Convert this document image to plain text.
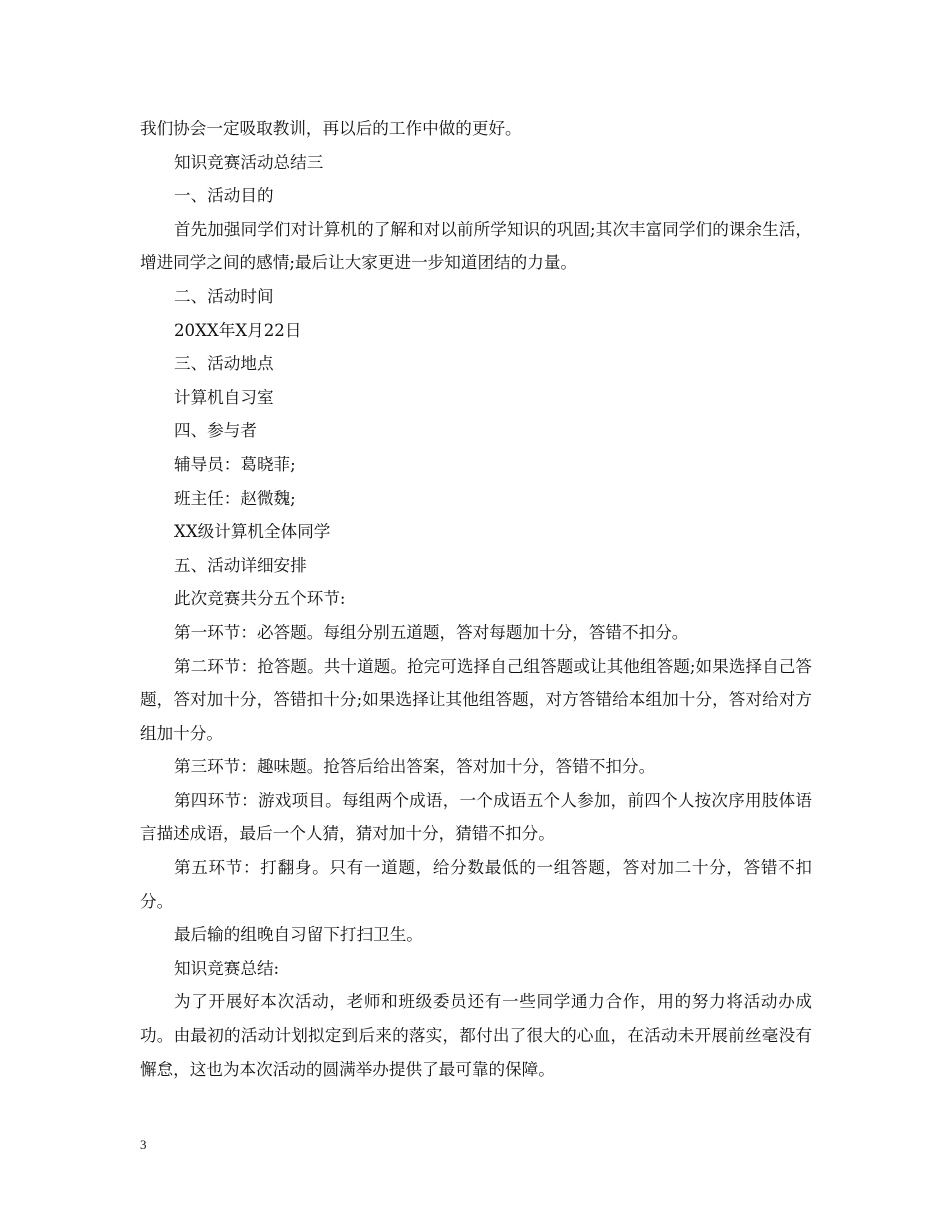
我们协会一定吸取教训，再以后的工作中做的更好。

知识竞赛活动总结三

一、活动目的

首先加强同学们对计算机的了解和对以前所学知识的巩固;其次丰富同学们的课余生活，增进同学之间的感情;最后让大家更进一步知道团结的力量。

二、活动时间

20XX年X月22日

三、活动地点

计算机自习室

四、参与者

辅导员：葛晓菲;

班主任：赵微魏;

XX级计算机全体同学

五、活动详细安排

此次竞赛共分五个环节:

第一环节：必答题。每组分别五道题，答对每题加十分，答错不扣分。

第二环节：抢答题。共十道题。抢完可选择自己组答题或让其他组答题;如果选择自己答题，答对加十分，答错扣十分;如果选择让其他组答题，对方答错给本组加十分，答对给对方组加十分。

第三环节：趣味题。抢答后给出答案，答对加十分，答错不扣分。

第四环节：游戏项目。每组两个成语，一个成语五个人参加，前四个人按次序用肢体语言描述成语，最后一个人猜，猜对加十分，猜错不扣分。

第五环节：打翻身。只有一道题，给分数最低的一组答题，答对加二十分，答错不扣分。

最后输的组晚自习留下打扫卫生。

知识竞赛总结:

为了开展好本次活动，老师和班级委员还有一些同学通力合作，用的努力将活动办成功。由最初的活动计划拟定到后来的落实，都付出了很大的心血，在活动未开展前丝毫没有懈怠，这也为本次活动的圆满举办提供了最可靠的保障。

3
